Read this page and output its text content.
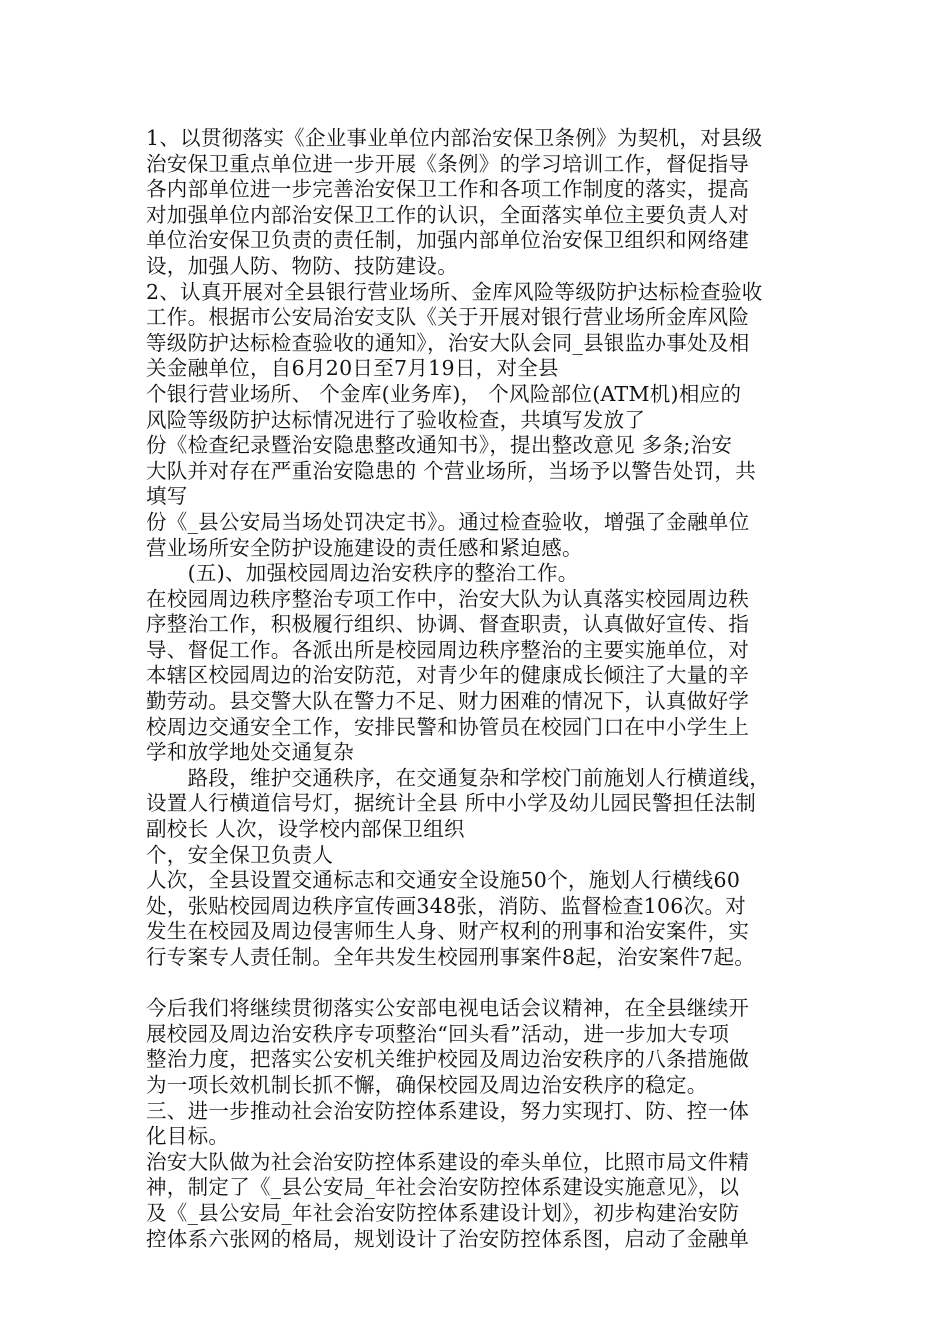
1、以贯彻落实《企业事业单位内部治安保卫条例》为契机，对县级
治安保卫重点单位进一步开展《条例》的学习培训工作，督促指导
各内部单位进一步完善治安保卫工作和各项工作制度的落实，提高
对加强单位内部治安保卫工作的认识，全面落实单位主要负责人对
单位治安保卫负责的责任制，加强内部单位治安保卫组织和网络建
设，加强人防、物防、技防建设。
2、认真开展对全县银行营业场所、金库风险等级防护达标检查验收
工作。根据市公安局治安支队《关于开展对银行营业场所金库风险
等级防护达标检查验收的通知》，治安大队会同_县银监办事处及相
关金融单位，自6月20日至7月19日，对全县
个银行营业场所、 个金库(业务库)， 个风险部位(ATM机)相应的
风险等级防护达标情况进行了验收检查，共填写发放了
份《检查纪录暨治安隐患整改通知书》，提出整改意见 多条;治安
大队并对存在严重治安隐患的 个营业场所，当场予以警告处罚，共
填写
份《_县公安局当场处罚决定书》。通过检查验收，增强了金融单位
营业场所安全防护设施建设的责任感和紧迫感。
　　(五)、加强校园周边治安秩序的整治工作。
在校园周边秩序整治专项工作中，治安大队为认真落实校园周边秩
序整治工作，积极履行组织、协调、督查职责，认真做好宣传、指
导、督促工作。各派出所是校园周边秩序整治的主要实施单位，对
本辖区校园周边的治安防范，对青少年的健康成长倾注了大量的辛
勤劳动。县交警大队在警力不足、财力困难的情况下，认真做好学
校周边交通安全工作，安排民警和协管员在校园门口在中小学生上
学和放学地处交通复杂
　　路段，维护交通秩序，在交通复杂和学校门前施划人行横道线，
设置人行横道信号灯，据统计全县 所中小学及幼儿园民警担任法制
副校长 人次，设学校内部保卫组织
个，安全保卫负责人
人次，全县设置交通标志和交通安全设施50个，施划人行横线60
处，张贴校园周边秩序宣传画348张，消防、监督检查106次。对
发生在校园及周边侵害师生人身、财产权利的刑事和治安案件，实
行专案专人责任制。全年共发生校园刑事案件8起，治安案件7起。
今后我们将继续贯彻落实公安部电视电话会议精神，在全县继续开
展校园及周边治安秩序专项整治“回头看”活动，进一步加大专项
整治力度，把落实公安机关维护校园及周边治安秩序的八条措施做
为一项长效机制长抓不懈，确保校园及周边治安秩序的稳定。
三、进一步推动社会治安防控体系建设，努力实现打、防、控一体
化目标。
治安大队做为社会治安防控体系建设的牵头单位，比照市局文件精
神，制定了《_县公安局_年社会治安防控体系建设实施意见》，以
及《_县公安局_年社会治安防控体系建设计划》，初步构建治安防
控体系六张网的格局，规划设计了治安防控体系图，启动了金融单
